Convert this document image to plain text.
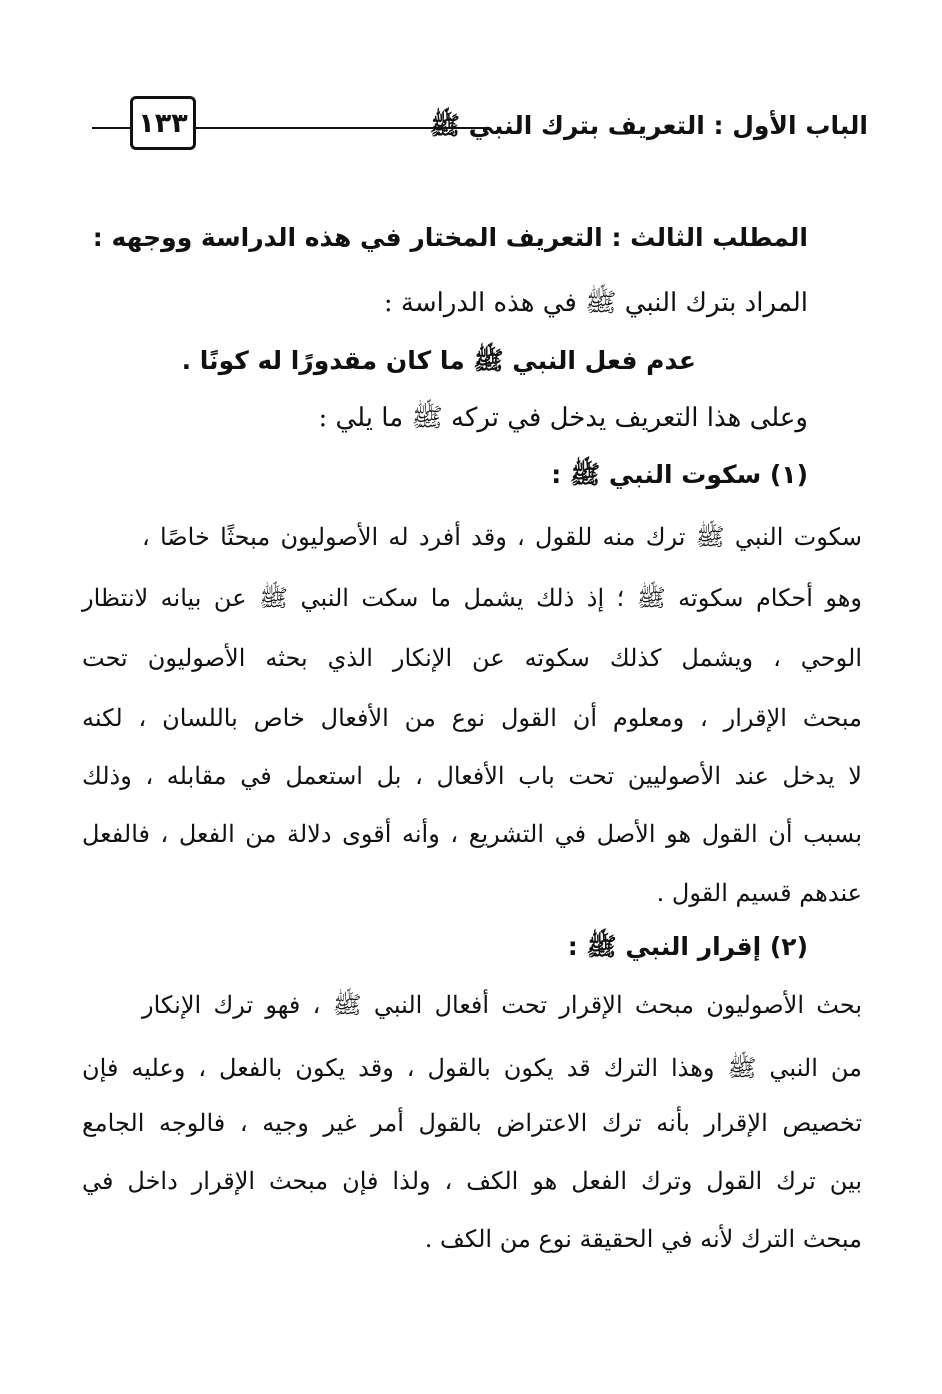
١٣٣	الباب الأول : التعريف بترك النبي ﷺ
المطلب الثالث : التعريف المختار في هذه الدراسة ووجهه :
المراد بترك النبي ﷺ في هذه الدراسة :
عدم فعل النبي ﷺ ما كان مقدورًا له كونًا .
وعلى هذا التعريف يدخل في تركه ﷺ ما يلي :
(١) سكوت النبي ﷺ :
سكوت النبي ﷺ ترك منه للقول ، وقد أفرد له الأصوليون مبحثًا خاصًا ،
وهو أحكام سكوته ﷺ ؛ إذ ذلك يشمل ما سكت النبي ﷺ عن بيانه لانتظار
الوحي ، ويشمل كذلك سكوته عن الإنكار الذي بحثه الأصوليون تحت
مبحث الإقرار ، ومعلوم أن القول نوع من الأفعال خاص باللسان ، لكنه
لا يدخل عند الأصوليين تحت باب الأفعال ، بل استعمل في مقابله ، وذلك
بسبب أن القول هو الأصل في التشريع ، وأنه أقوى دلالة من الفعل ، فالفعل
عندهم قسيم القول .
(٢) إقرار النبي ﷺ :
بحث الأصوليون مبحث الإقرار تحت أفعال النبي ﷺ ، فهو ترك الإنكار
من النبي ﷺ وهذا الترك قد يكون بالقول ، وقد يكون بالفعل ، وعليه فإن
تخصيص الإقرار بأنه ترك الاعتراض بالقول أمر غير وجيه ، فالوجه الجامع
بين ترك القول وترك الفعل هو الكف ، ولذا فإن مبحث الإقرار داخل في
مبحث الترك لأنه في الحقيقة نوع من الكف .
